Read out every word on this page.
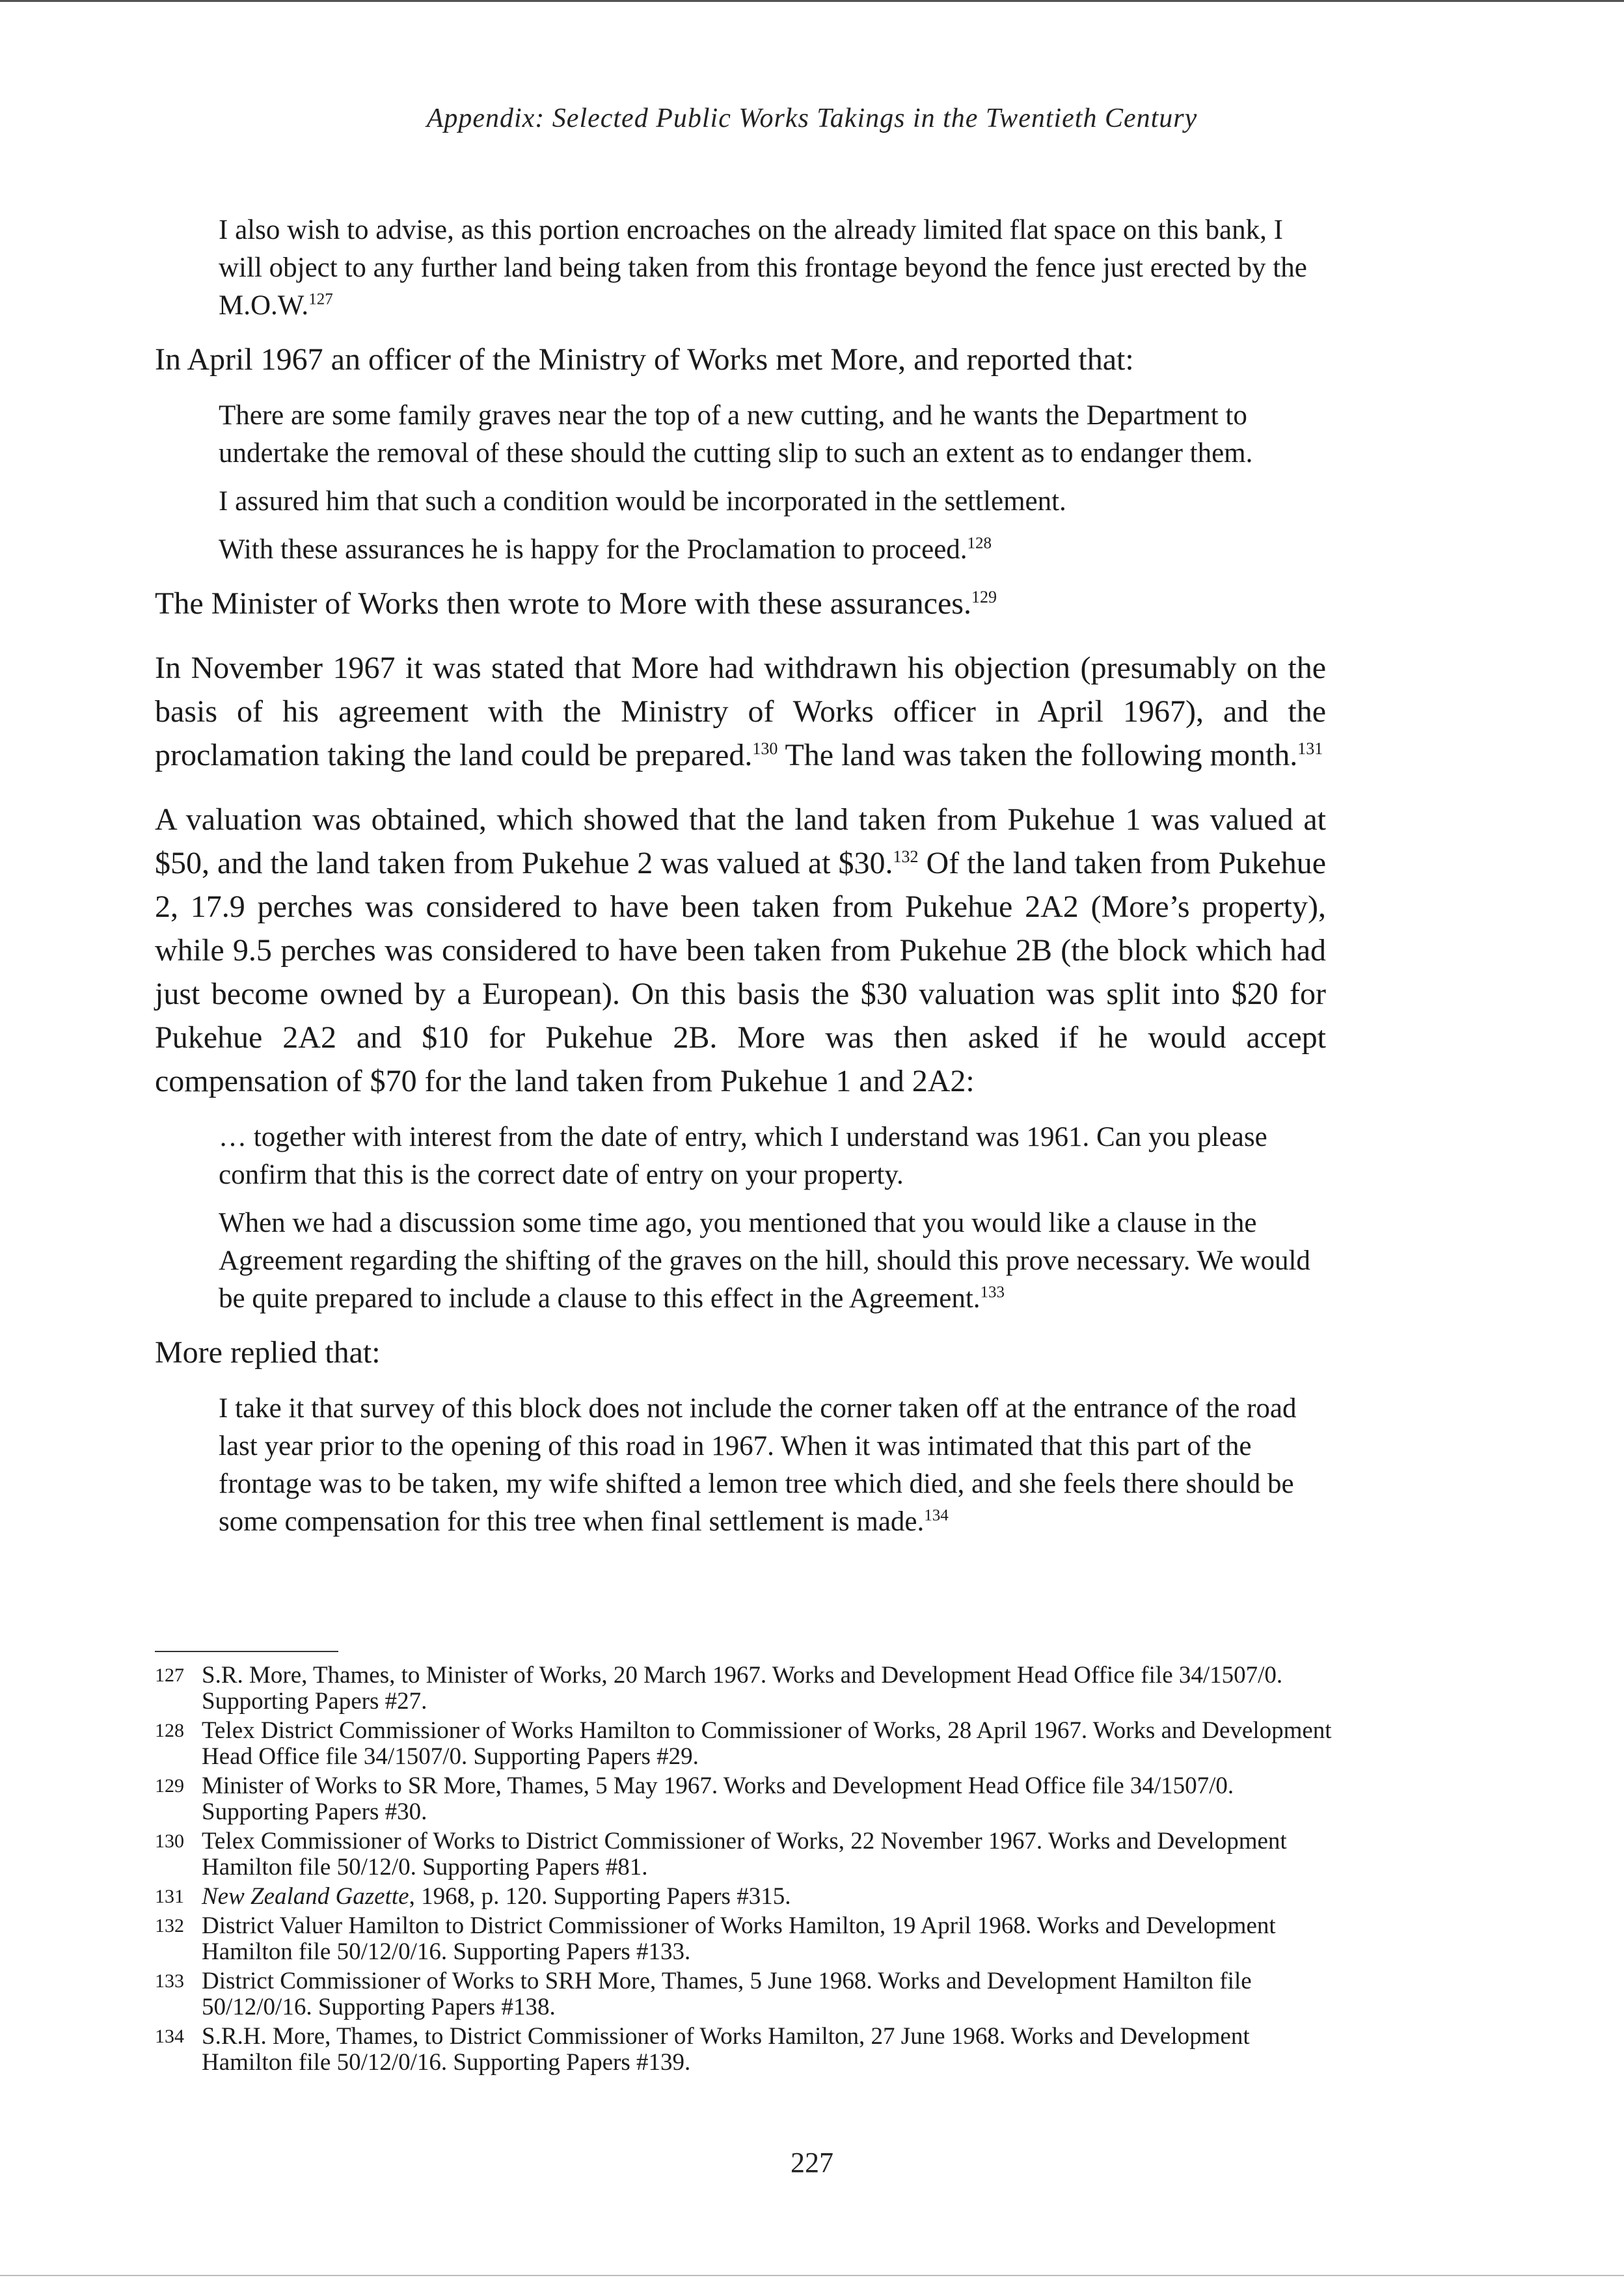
Appendix: Selected Public Works Takings in the Twentieth Century
I also wish to advise, as this portion encroaches on the already limited flat space on this bank, I will object to any further land being taken from this frontage beyond the fence just erected by the M.O.W.$^{127}$
In April 1967 an officer of the Ministry of Works met More, and reported that:
There are some family graves near the top of a new cutting, and he wants the Department to undertake the removal of these should the cutting slip to such an extent as to endanger them.
I assured him that such a condition would be incorporated in the settlement.
With these assurances he is happy for the Proclamation to proceed.$^{128}$
The Minister of Works then wrote to More with these assurances.$^{129}$
In November 1967 it was stated that More had withdrawn his objection (presumably on the basis of his agreement with the Ministry of Works officer in April 1967), and the proclamation taking the land could be prepared.$^{130}$ The land was taken the following month.$^{131}$
A valuation was obtained, which showed that the land taken from Pukehue 1 was valued at $50, and the land taken from Pukehue 2 was valued at $30.$^{132}$ Of the land taken from Pukehue 2, 17.9 perches was considered to have been taken from Pukehue 2A2 (More’s property), while 9.5 perches was considered to have been taken from Pukehue 2B (the block which had just become owned by a European). On this basis the $30 valuation was split into $20 for Pukehue 2A2 and $10 for Pukehue 2B. More was then asked if he would accept compensation of $70 for the land taken from Pukehue 1 and 2A2:
… together with interest from the date of entry, which I understand was 1961. Can you please confirm that this is the correct date of entry on your property.
When we had a discussion some time ago, you mentioned that you would like a clause in the Agreement regarding the shifting of the graves on the hill, should this prove necessary. We would be quite prepared to include a clause to this effect in the Agreement.$^{133}$
More replied that:
I take it that survey of this block does not include the corner taken off at the entrance of the road last year prior to the opening of this road in 1967. When it was intimated that this part of the frontage was to be taken, my wife shifted a lemon tree which died, and she feels there should be some compensation for this tree when final settlement is made.$^{134}$
127 S.R. More, Thames, to Minister of Works, 20 March 1967. Works and Development Head Office file 34/1507/0. Supporting Papers #27.
128 Telex District Commissioner of Works Hamilton to Commissioner of Works, 28 April 1967. Works and Development Head Office file 34/1507/0. Supporting Papers #29.
129 Minister of Works to SR More, Thames, 5 May 1967. Works and Development Head Office file 34/1507/0. Supporting Papers #30.
130 Telex Commissioner of Works to District Commissioner of Works, 22 November 1967. Works and Development Hamilton file 50/12/0. Supporting Papers #81.
131 New Zealand Gazette, 1968, p. 120. Supporting Papers #315.
132 District Valuer Hamilton to District Commissioner of Works Hamilton, 19 April 1968. Works and Development Hamilton file 50/12/0/16. Supporting Papers #133.
133 District Commissioner of Works to SRH More, Thames, 5 June 1968. Works and Development Hamilton file 50/12/0/16. Supporting Papers #138.
134 S.R.H. More, Thames, to District Commissioner of Works Hamilton, 27 June 1968. Works and Development Hamilton file 50/12/0/16. Supporting Papers #139.
227
